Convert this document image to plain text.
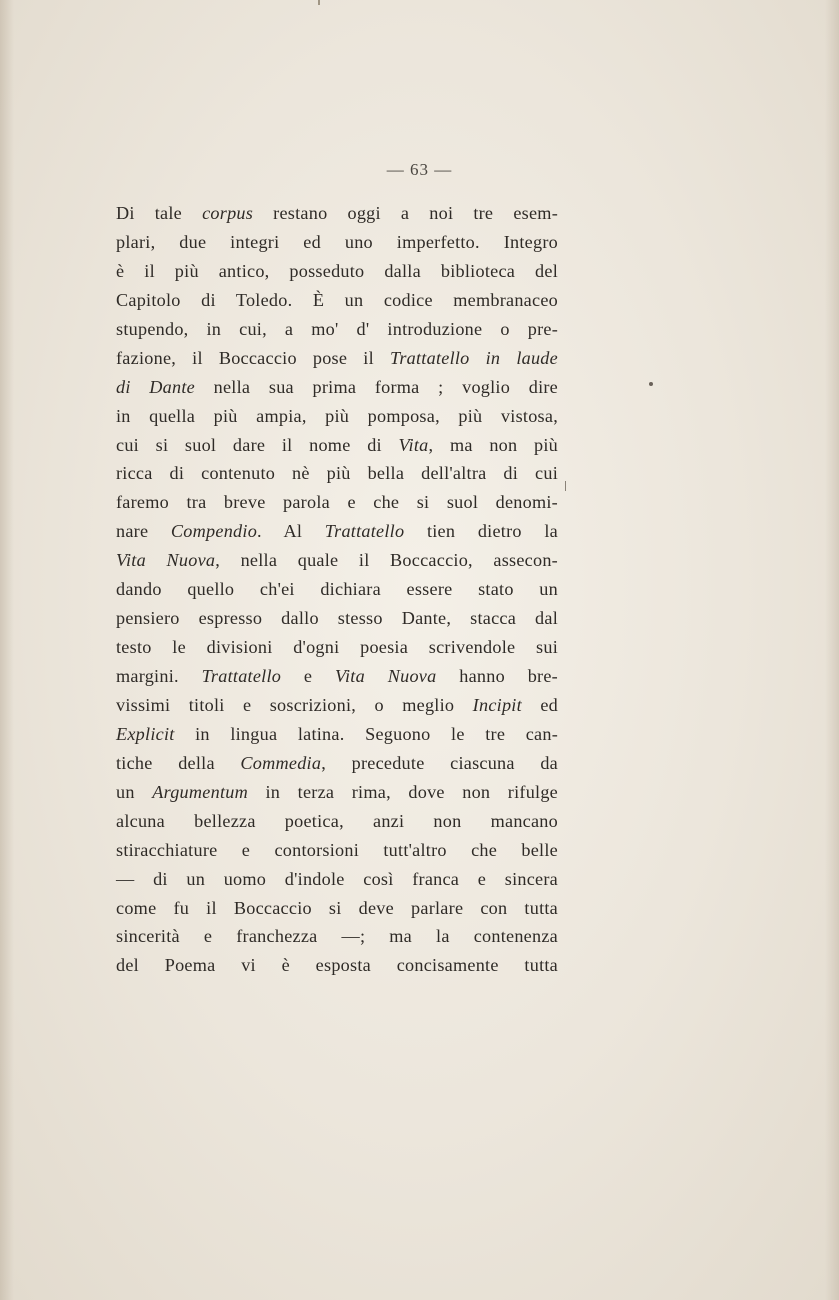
— 63 —
Di tale corpus restano oggi a noi tre esem-
plari, due integri ed uno imperfetto. Integro
è il più antico, posseduto dalla biblioteca del
Capitolo di Toledo. È un codice membranaceo
stupendo, in cui, a mo' d' introduzione o pre-
fazione, il Boccaccio pose il Trattatello in laude
di Dante nella sua prima forma ; voglio dire
in quella più ampia, più pomposa, più vistosa,
cui si suol dare il nome di Vita, ma non più
ricca di contenuto nè più bella dell'altra di cui
faremo tra breve parola e che si suol denomi-
nare Compendio. Al Trattatello tien dietro la
Vita Nuova, nella quale il Boccaccio, assecon-
dando quello ch'ei dichiara essere stato un
pensiero espresso dallo stesso Dante, stacca dal
testo le divisioni d'ogni poesia scrivendole sui
margini. Trattatello e Vita Nuova hanno bre-
vissimi titoli e soscrizioni, o meglio Incipit ed
Explicit in lingua latina. Seguono le tre can-
tiche della Commedia, precedute ciascuna da
un Argumentum in terza rima, dove non rifulge
alcuna bellezza poetica, anzi non mancano
stiracchiature e contorsioni tutt'altro che belle
— di un uomo d'indole così franca e sincera
come fu il Boccaccio si deve parlare con tutta
sincerità e franchezza —; ma la contenenza
del Poema vi è esposta concisamente tutta
